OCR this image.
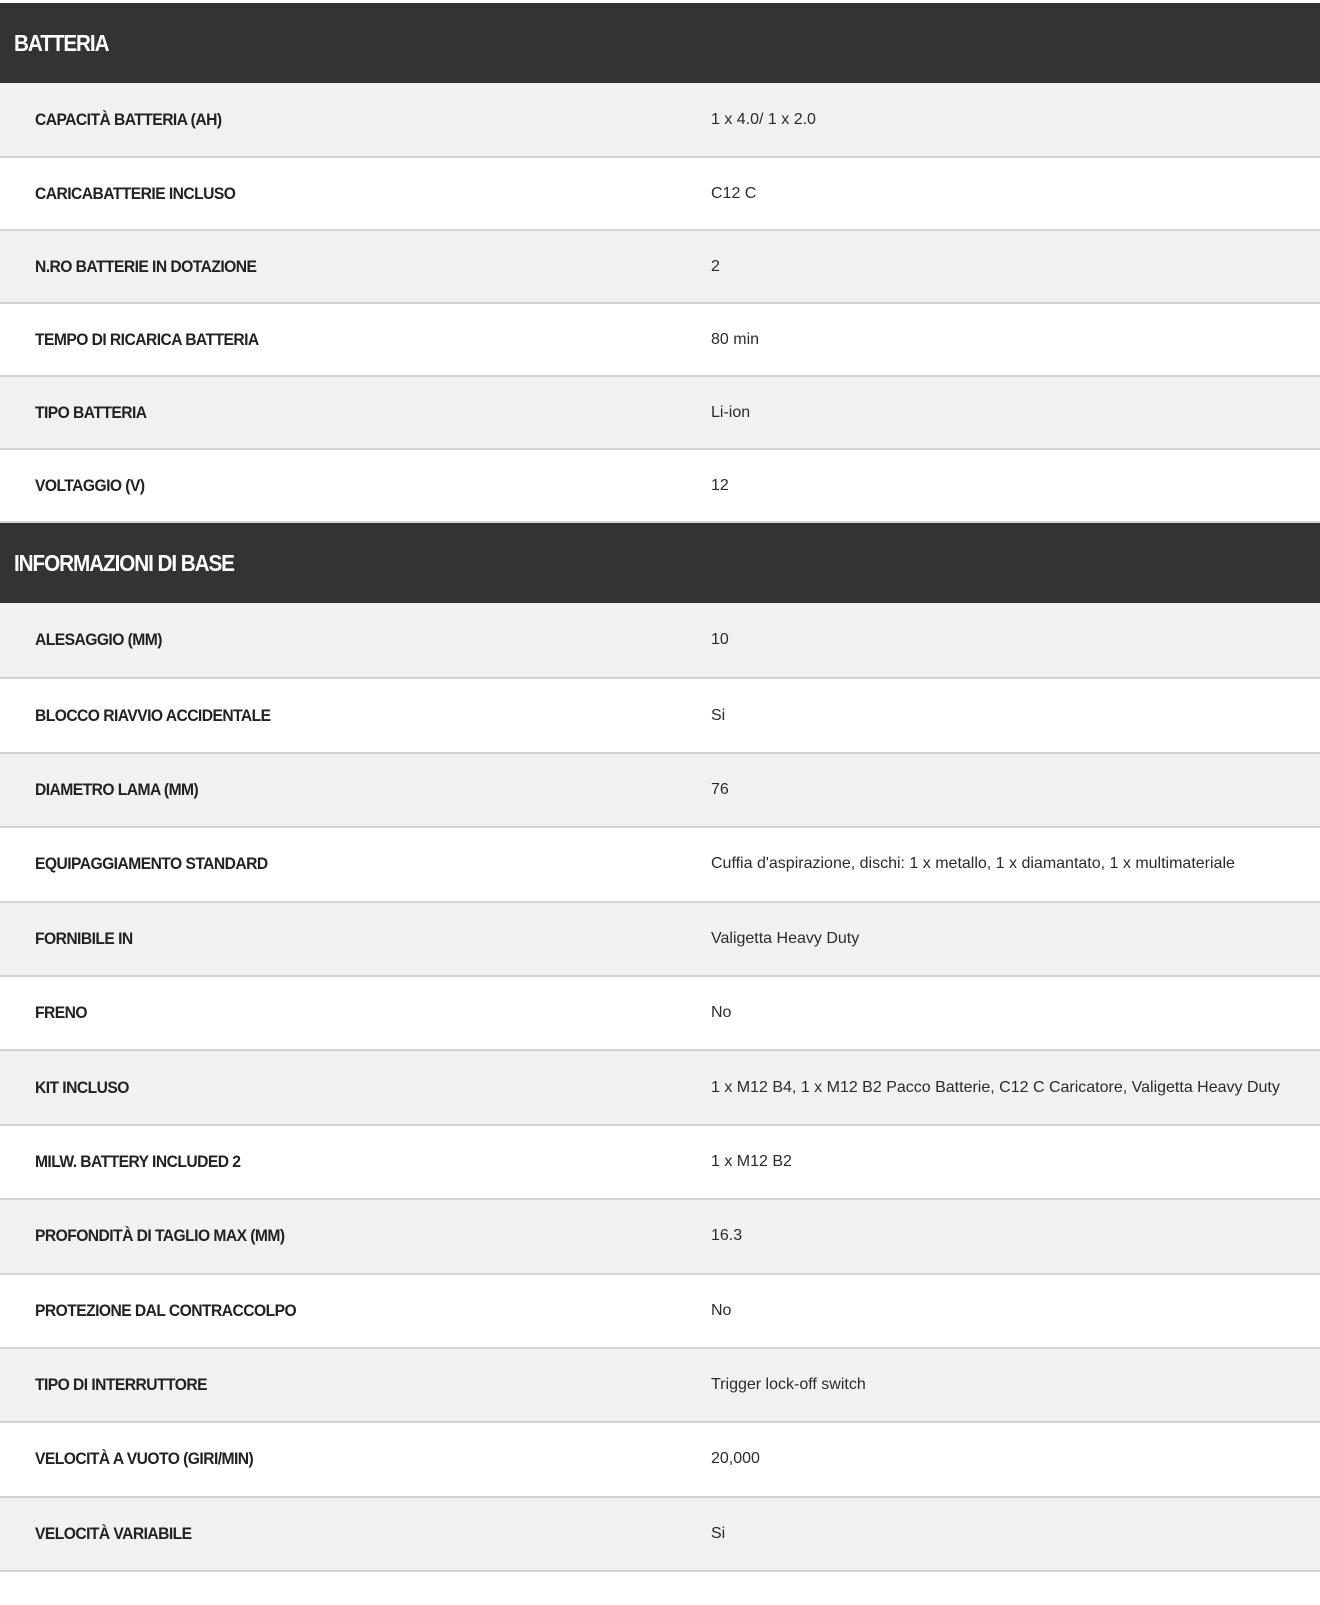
BATTERIA
CAPACITÀ BATTERIA (AH)	1 x 4.0/ 1 x 2.0
CARICABATTERIE INCLUSO	C12 C
N.RO BATTERIE IN DOTAZIONE	2
TEMPO DI RICARICA BATTERIA	80 min
TIPO BATTERIA	Li-ion
VOLTAGGIO (V)	12
INFORMAZIONI DI BASE
ALESAGGIO (MM)	10
BLOCCO RIAVVIO ACCIDENTALE	Si
DIAMETRO LAMA (MM)	76
EQUIPAGGIAMENTO STANDARD	Cuffia d'aspirazione, dischi: 1 x metallo, 1 x diamantato, 1 x multimateriale
FORNIBILE IN	Valigetta Heavy Duty
FRENO	No
KIT INCLUSO	1 x M12 B4, 1 x M12 B2 Pacco Batterie, C12 C Caricatore, Valigetta Heavy Duty
MILW. BATTERY INCLUDED 2	1 x M12 B2
PROFONDITÀ DI TAGLIO MAX (MM)	16.3
PROTEZIONE DAL CONTRACCOLPO	No
TIPO DI INTERRUTTORE	Trigger lock-off switch
VELOCITÀ A VUOTO (GIRI/MIN)	20,000
VELOCITÀ VARIABILE	Si
